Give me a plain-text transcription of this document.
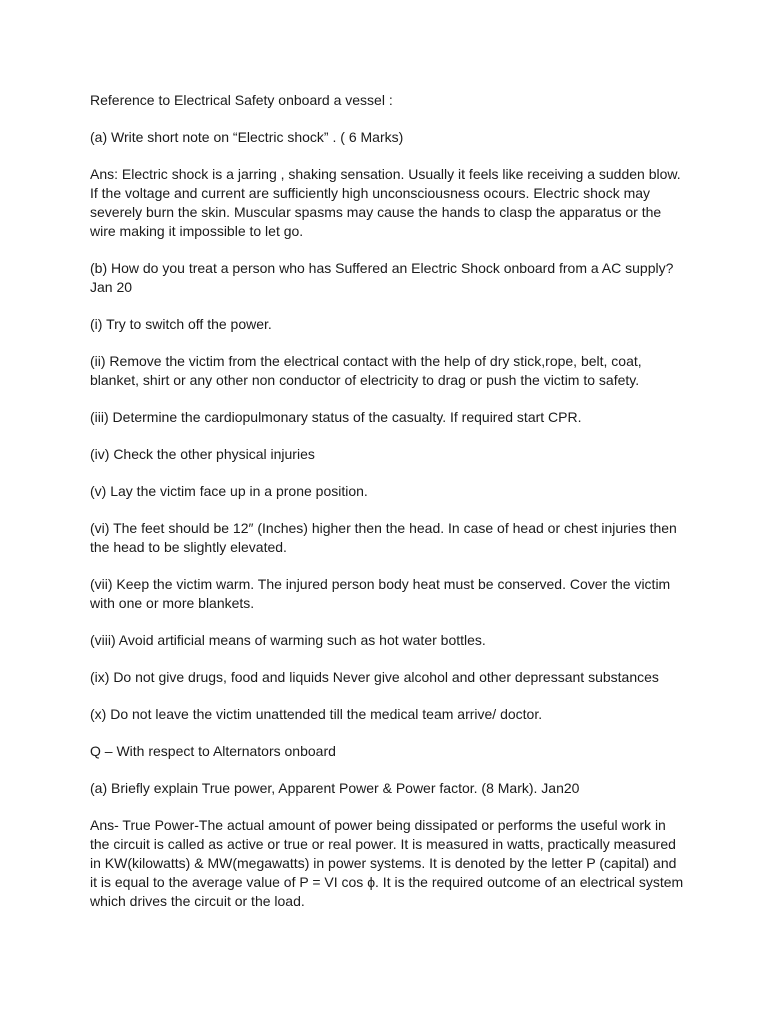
Reference to Electrical Safety onboard a vessel :

(a) Write short note on “Electric shock” . ( 6 Marks)

Ans: Electric shock is a jarring , shaking sensation. Usually it feels like receiving a sudden blow.
If the voltage and current are sufficiently high unconsciousness ocours. Electric shock may
severely burn the skin. Muscular spasms may cause the hands to clasp the apparatus or the
wire making it impossible to let go.

(b) How do you treat a person who has Suffered an Electric Shock onboard from a AC supply?
Jan 20

(i) Try to switch off the power.

(ii) Remove the victim from the electrical contact with the help of dry stick,rope, belt, coat,
blanket, shirt or any other non conductor of electricity to drag or push the victim to safety.

(iii) Determine the cardiopulmonary status of the casualty. If required start CPR.

(iv) Check the other physical injuries

(v) Lay the victim face up in a prone position.

(vi) The feet should be 12″ (Inches) higher then the head. In case of head or chest injuries then
the head to be slightly elevated.

(vii) Keep the victim warm. The injured person body heat must be conserved. Cover the victim
with one or more blankets.

(viii) Avoid artificial means of warming such as hot water bottles.

(ix) Do not give drugs, food and liquids Never give alcohol and other depressant substances

(x) Do not leave the victim unattended till the medical team arrive/ doctor.

Q – With respect to Alternators onboard

(a) Briefly explain True power, Apparent Power & Power factor. (8 Mark). Jan20

Ans- True Power-The actual amount of power being dissipated or performs the useful work in
the circuit is called as active or true or real power. It is measured in watts, practically measured
in KW(kilowatts) & MW(megawatts) in power systems. It is denoted by the letter P (capital) and
it is equal to the average value of P = VI cos ϕ. It is the required outcome of an electrical system
which drives the circuit or the load.
